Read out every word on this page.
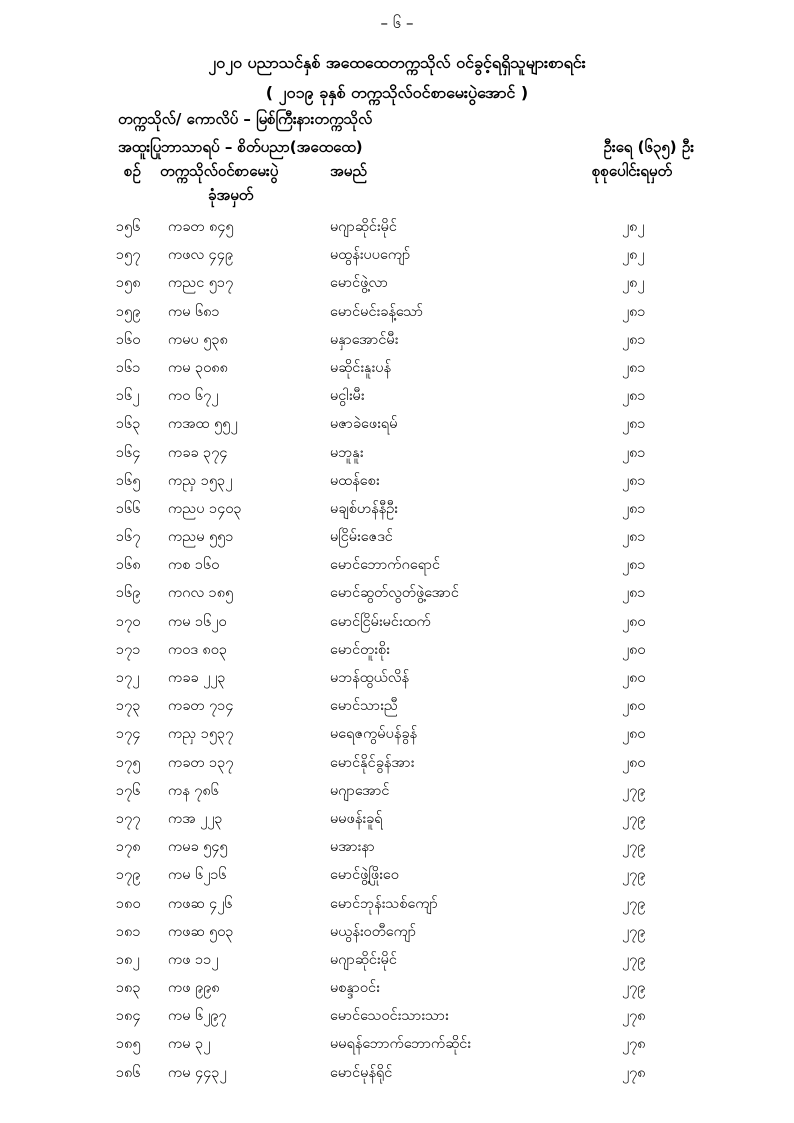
– ၆ –
၂၀၂၀ ပညာသင်နှစ် အထေထေတက္ကသိုလ် ဝင်ခွင့်ရရှိသူများစာရင်း
( ၂၀၁၉ ခုနှစ် တက္ကသိုလ်ဝင်စာမေးပွဲအောင် )
တက္ကသိုလ်/ ကောလိပ် – မြစ်ကြီးနားတက္ကသိုလ်
အထူးပြုဘာသာရပ် – စိတ်ပညာ(အထေထေ)	ဦးရေ (၆၃၅) ဦး
စဉ် တက္ကသိုလ်ဝင်စာမေးပွဲ
ခုံအမှတ်
အမည်	စုစုပေါင်းရမှတ်
၁၅၆ ကခတ ၈၄၅	မဂျာဆိုင်းမိုင်	၂၈၂
၁၅၇ ကဖလ ၄၄၉	မထွန်းပပကျော်	၂၈၂
၁၅၈ ကညင ၅၁၇	မောင်ဖွဲ့လာ	၂၈၂
၁၅၉ ကမ ၆၈၁	မောင်မင်းခန့်သော်	၂၈၁
၁၆၀ ကမပ ၅၃၈	မနှာအောင်မီး	၂၈၁
၁၆၁ ကမ ၃၀၈၈	မဆိုင်းနူးပန်	၂၈၁
၁၆၂ ကဝ ၆၇၂	မငွါးမီး	၂၈၁
၁၆၃ ကအထ ၅၅၂	မဇာခဲဖေးရမ်	၂၈၁
၁၆၄ ကခခ ၃၇၄	မဘူနူး	၂၈၁
၁၆၅ ကညှ ၁၅၃၂	မထန်စေး	၂၈၁
၁၆၆ ကညပ ၁၄၀၃	မချစ်ဟန်နီဦး	၂၈၁
၁၆၇ ကညမ ၅၅၁	မငြိမ်းဇေဒင်	၂၈၁
၁၆၈ ကစ ၁၆၀	မောင်ဘောက်ဂရောင်	၂၈၁
၁၆၉ ကဂလ ၁၈၅	မောင်ဆွတ်လွတ်ဖွဲ့အောင်	၂၈၁
၁၇၀ ကမ ၁၆၂၀	မောင်ငြိမ်းမင်းထက်	၂၈၀
၁၇၁ ကဝဒ ၈၀၃	မောင်တူးစိုး	၂၈၀
၁၇၂ ကခခ ၂၂၃	မဘန်ထွယ်လိန်	၂၈၀
၁၇၃ ကခတ ၇၁၄	မောင်သားညီ	၂၈၀
၁၇၄ ကညှ ၁၅၃၇	မရေဇကွမ်ပန်ခွန်	၂၈၀
၁၇၅ ကခတ ၁၃၇	မောင်နိုင်ခွန်အား	၂၈၀
၁၇၆ ကန ၇၈၆	မဂျာအောင်	၂၇၉
၁၇၇ ကအ ၂၂၃	မမဖန်းခူရ်	၂၇၉
၁၇၈ ကမခ ၅၄၅	မအားနာ	၂၇၉
၁၇၉ ကမ ၆၂၁၆	မောင်ဖွဲ့ဖြိုးဝေ	၂၇၉
၁၈၀ ကဖဆ ၄၂၆	မောင်ဘုန်းသစ်ကျော်	၂၇၉
၁၈၁ ကဖဆ ၅၀၃	မယွန်းဝတီကျော်	၂၇၉
၁၈၂ ကဖ ၁၁၂	မဂျာဆိုင်းမိုင်	၂၇၉
၁၈၃ ကဖ ၉၉၈	မစန္ဒာဝင်း	၂၇၉
၁၈၄ ကမ ၆၂၉၇	မောင်သေဝင်းသားသား	၂၇၈
၁၈၅ ကမ ၃၂	မမရန်ဘောက်ဘောက်ဆိုင်း	၂၇၈
၁၈၆ ကမ ၄၄၃၂	မောင်မုန်ရိုင်	၂၇၈
